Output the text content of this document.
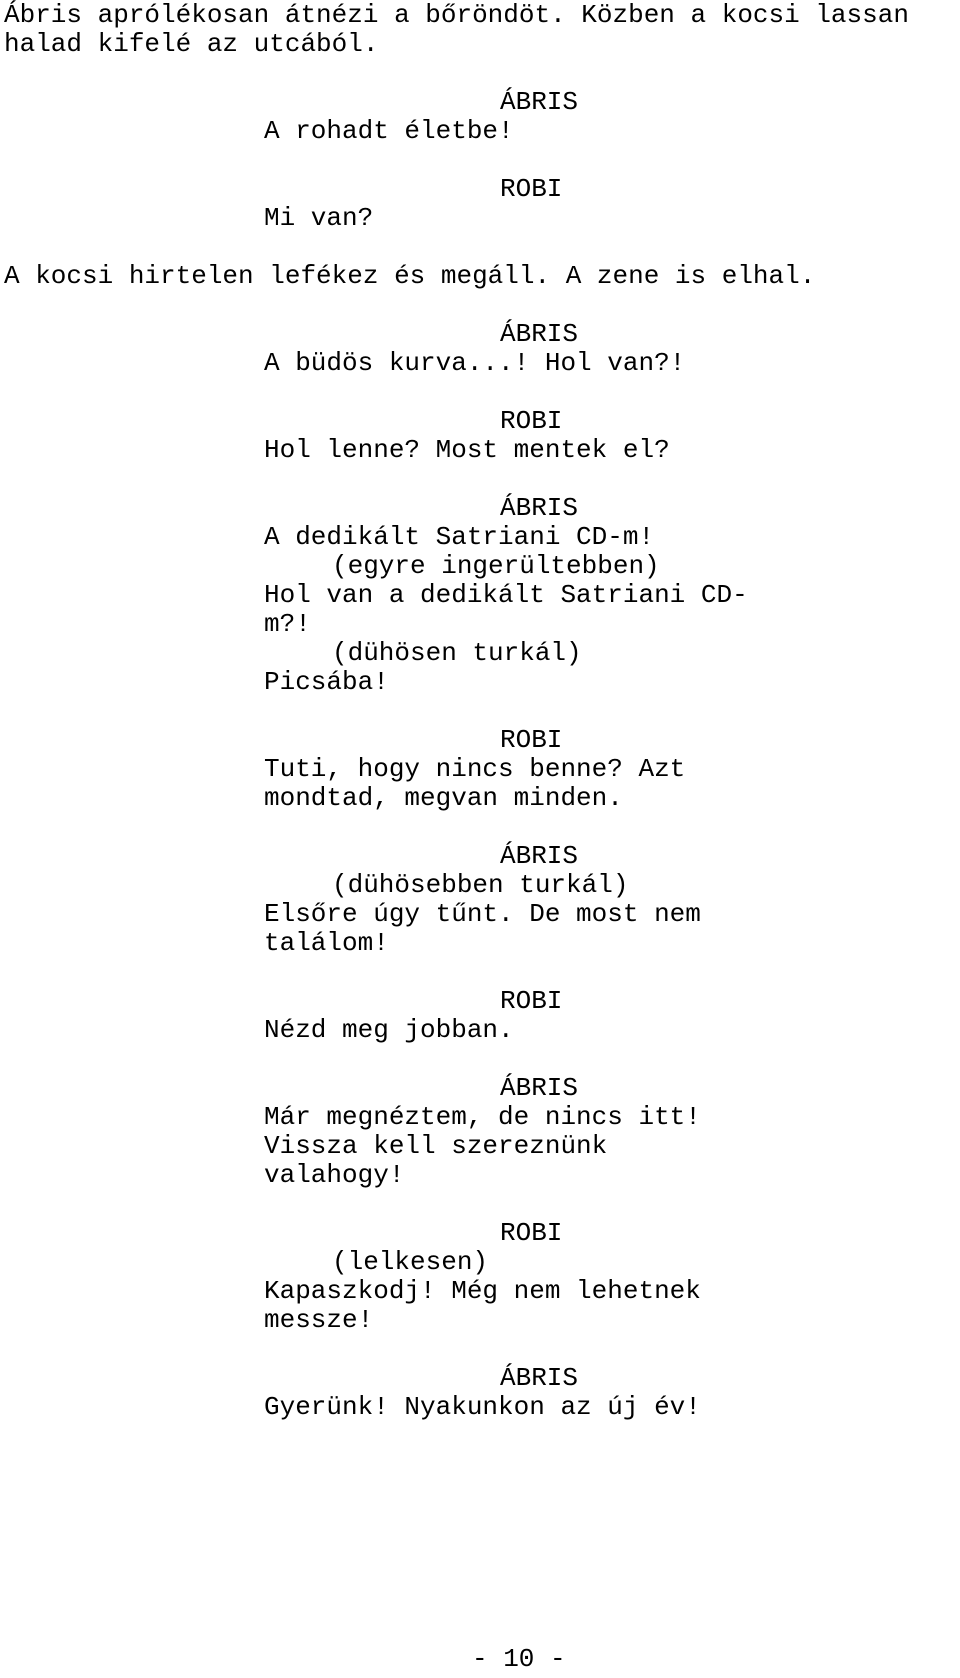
Ábris aprólékosan átnézi a bőröndöt. Közben a kocsi lassan
halad kifelé az utcából.
ÁBRIS
A rohadt életbe!
ROBI
Mi van?
A kocsi hirtelen lefékez és megáll. A zene is elhal.
ÁBRIS
A büdös kurva...! Hol van?!
ROBI
Hol lenne? Most mentek el?
ÁBRIS
A dedikált Satriani CD-m!
(egyre ingerültebben)
Hol van a dedikált Satriani CD-
m?!
(dühösen turkál)
Picsába!
ROBI
Tuti, hogy nincs benne? Azt
mondtad, megvan minden.
ÁBRIS
(dühösebben turkál)
Elsőre úgy tűnt. De most nem
találom!
ROBI
Nézd meg jobban.
ÁBRIS
Már megnéztem, de nincs itt!
Vissza kell szereznünk
valahogy!
ROBI
(lelkesen)
Kapaszkodj! Még nem lehetnek
messze!
ÁBRIS
Gyerünk! Nyakunkon az új év!
- 10 -
